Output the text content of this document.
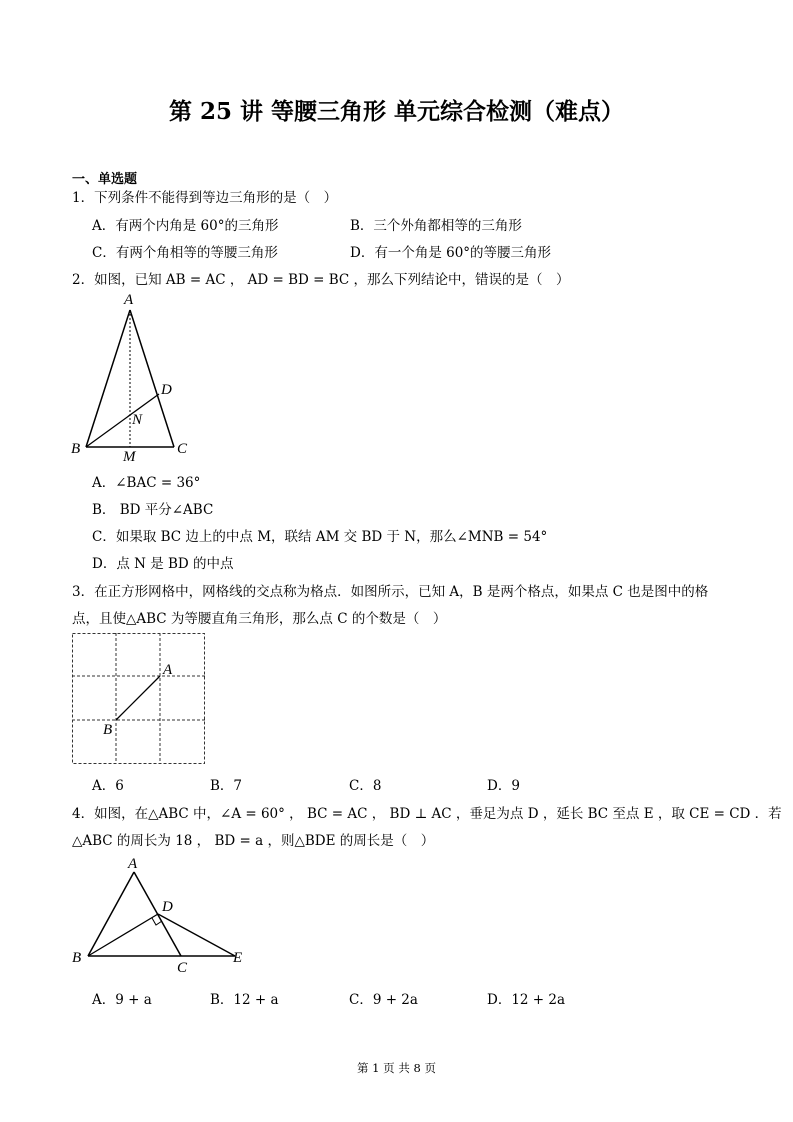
第 25 讲 等腰三角形 单元综合检测（难点）
一、单选题
1．下列条件不能得到等边三角形的是（　）
A．有两个内角是 60°的三角形	B．三个外角都相等的三角形
C．有两个角相等的等腰三角形	D．有一个角是 60°的等腰三角形
2．如图，已知 AB = AC ， AD = BD = BC ，那么下列结论中，错误的是（　）
A
B	C
D
N
M
A．∠BAC = 36°
B． BD 平分∠ABC
C．如果取 BC 边上的中点 M，联结 AM 交 BD 于 N，那么∠MNB = 54°
D．点 N 是 BD 的中点
3．在正方形网格中，网格线的交点称为格点．如图所示，已知 A，B 是两个格点，如果点 C 也是图中的格
点，且使△ABC 为等腰直角三角形，那么点 C 的个数是（　）
A
B
A．6	B．7	C．8	D．9
4．如图，在△ABC 中，∠A = 60° ， BC = AC ， BD ⊥ AC ，垂足为点 D ，延长 BC 至点 E ，取 CE = CD ．若
△ABC 的周长为 18 ， BD = a ，则△BDE 的周长是（　）
A
D
B
C
E
A．9 + a	B．12 + a	C．9 + 2a	D．12 + 2a
第 1 页 共 8 页
